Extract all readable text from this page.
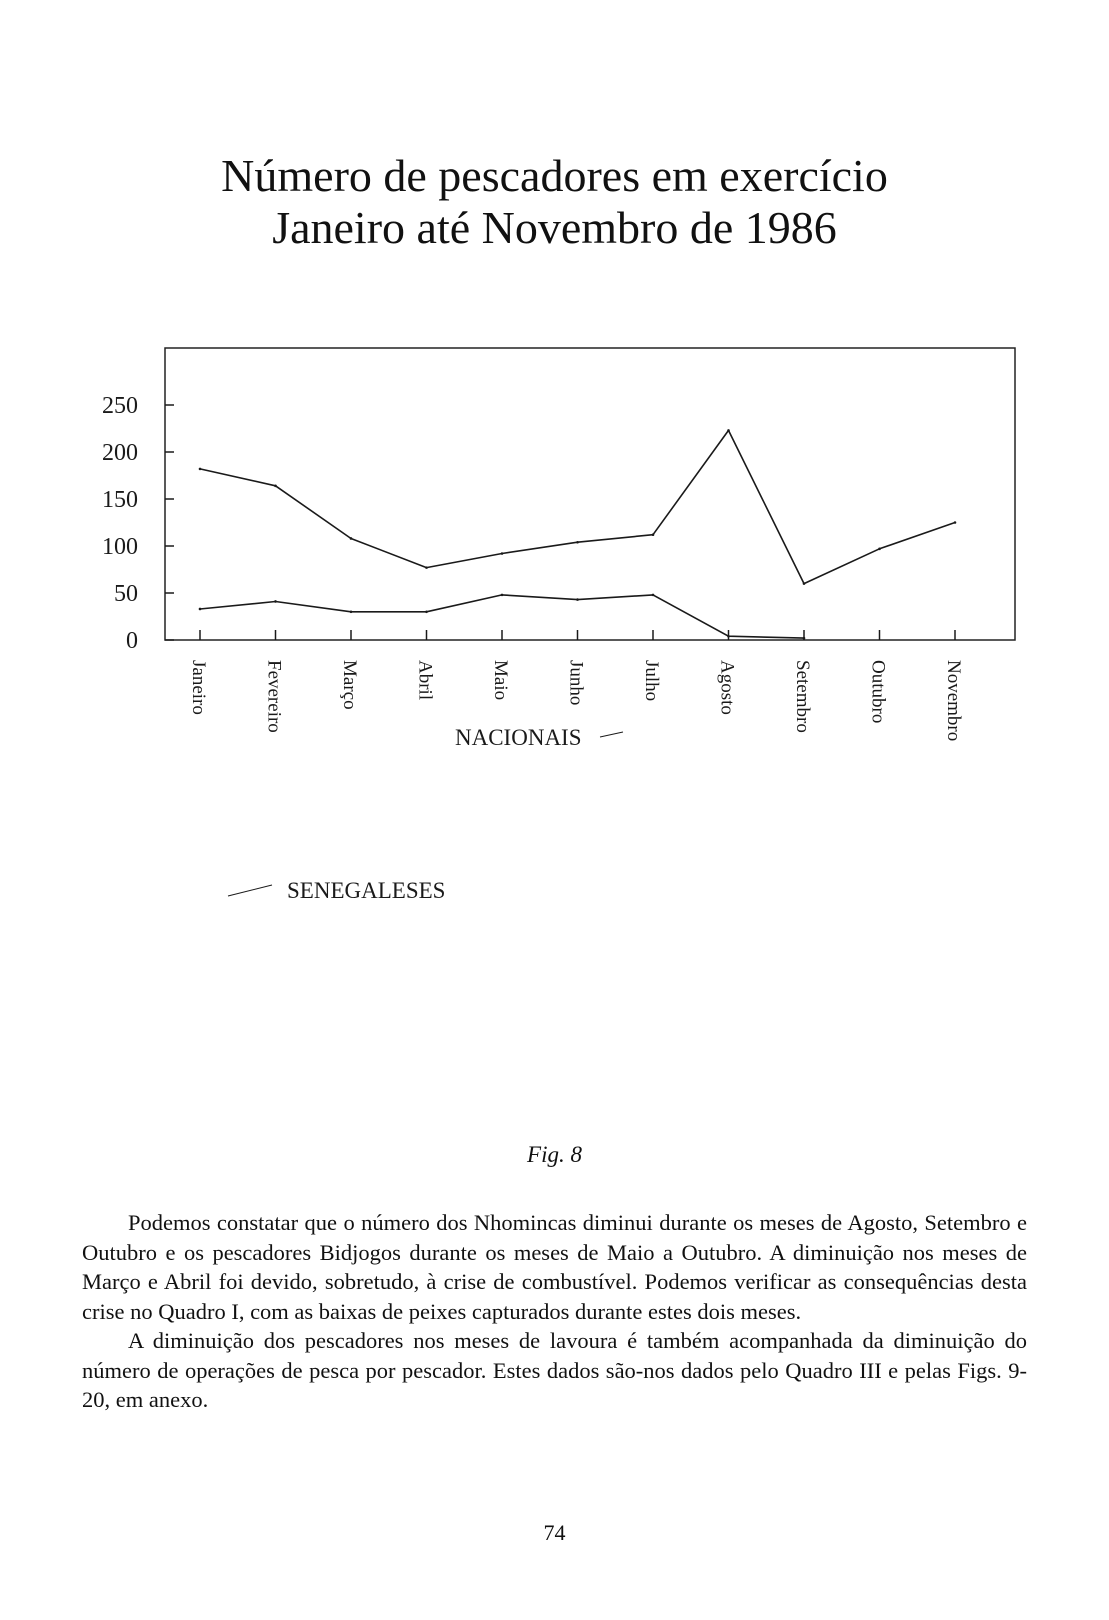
Número de pescadores em exercício
Janeiro até Novembro de 1986
0
50
100
150
200
250
Janeiro	Fevereiro	Março	Abril	Maio	Junho	Julho	Agosto	Setembro	Outubro	Novembro
NACIONAIS
SENEGALESES
Fig. 8

Podemos constatar que o número dos Nhomincas diminui durante os meses de Agosto, Setembro e Outubro e os pescadores Bidjogos durante os meses de Maio a Outubro. A diminuição nos meses de Março e Abril foi devido, sobretudo, à crise de combustível. Podemos verificar as consequências desta crise no Quadro I, com as baixas de peixes capturados durante estes dois meses.

A diminuição dos pescadores nos meses de lavoura é também acompanhada da diminuição do número de operações de pesca por pescador. Estes dados são-nos dados pelo Quadro III e pelas Figs. 9-20, em anexo.

74
